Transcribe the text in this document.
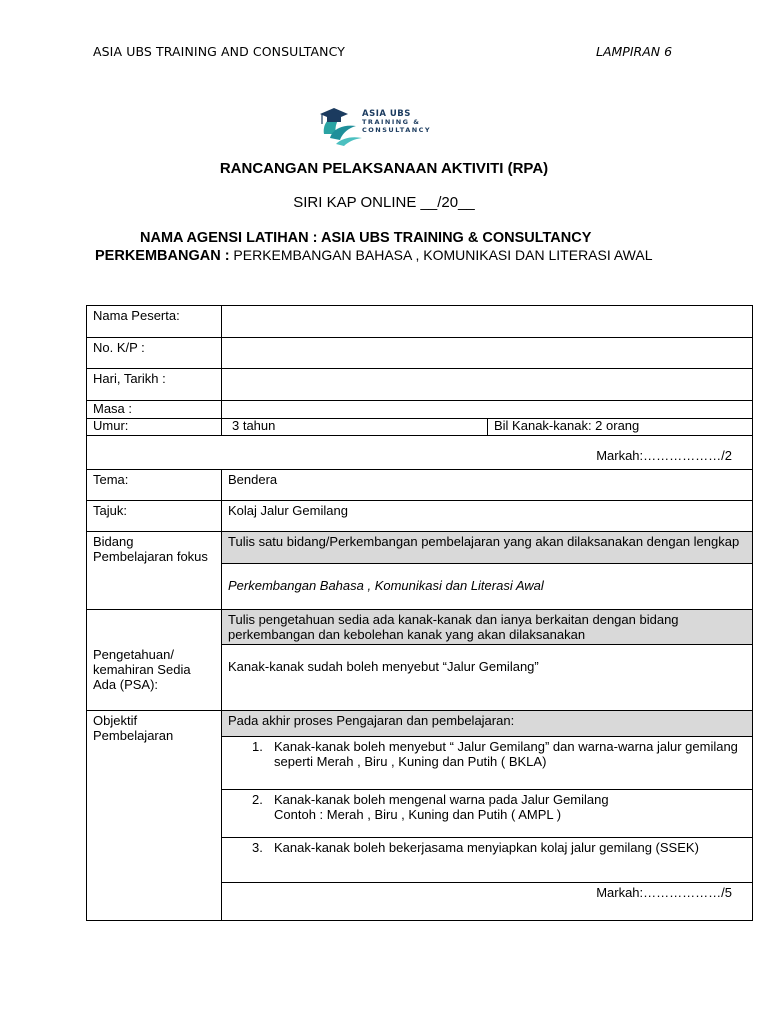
ASIA UBS TRAINING AND CONSULTANCY	LAMPIRAN 6
ASIA UBS
TRAINING &
CONSULTANCY
RANCANGAN PELAKSANAAN AKTIVITI (RPA)
SIRI KAP ONLINE __/20__
NAMA AGENSI LATIHAN : ASIA UBS TRAINING & CONSULTANCY
PERKEMBANGAN : PERKEMBANGAN BAHASA , KOMUNIKASI DAN LITERASI AWAL
Nama Peserta:		
No. K/P :		
Hari, Tarikh :		
Masa :		
Umur:	3 tahun	Bil Kanak-kanak: 2 orang
Markah:………………/2		
Tema:	Bendera	
Tajuk:	Kolaj Jalur Gemilang	
Bidang Pembelajaran fokus	Tulis satu bidang/Perkembangan pembelajaran yang akan dilaksanakan dengan lengkap	
	Perkembangan Bahasa , Komunikasi dan Literasi Awal	
Pengetahuan/ kemahiran Sedia Ada (PSA):	Tulis pengetahuan sedia ada kanak-kanak dan ianya berkaitan dengan bidang perkembangan dan kebolehan kanak yang akan dilaksanakan	
	Kanak-kanak sudah boleh menyebut “Jalur Gemilang”	
Objektif Pembelajaran	Pada akhir proses Pengajaran dan pembelajaran:	

	1. Kanak-kanak boleh menyebut “ Jalur Gemilang” dan warna-warna jalur gemilang seperti Merah , Biru , Kuning dan Putih ( BKLA)	

	2. Kanak-kanak boleh mengenal warna pada Jalur Gemilang
Contoh : Merah , Biru , Kuning dan Putih ( AMPL )	

	3. Kanak-kanak boleh bekerjasama menyiapkan kolaj jalur gemilang (SSEK)	

	Markah:………………/5	
